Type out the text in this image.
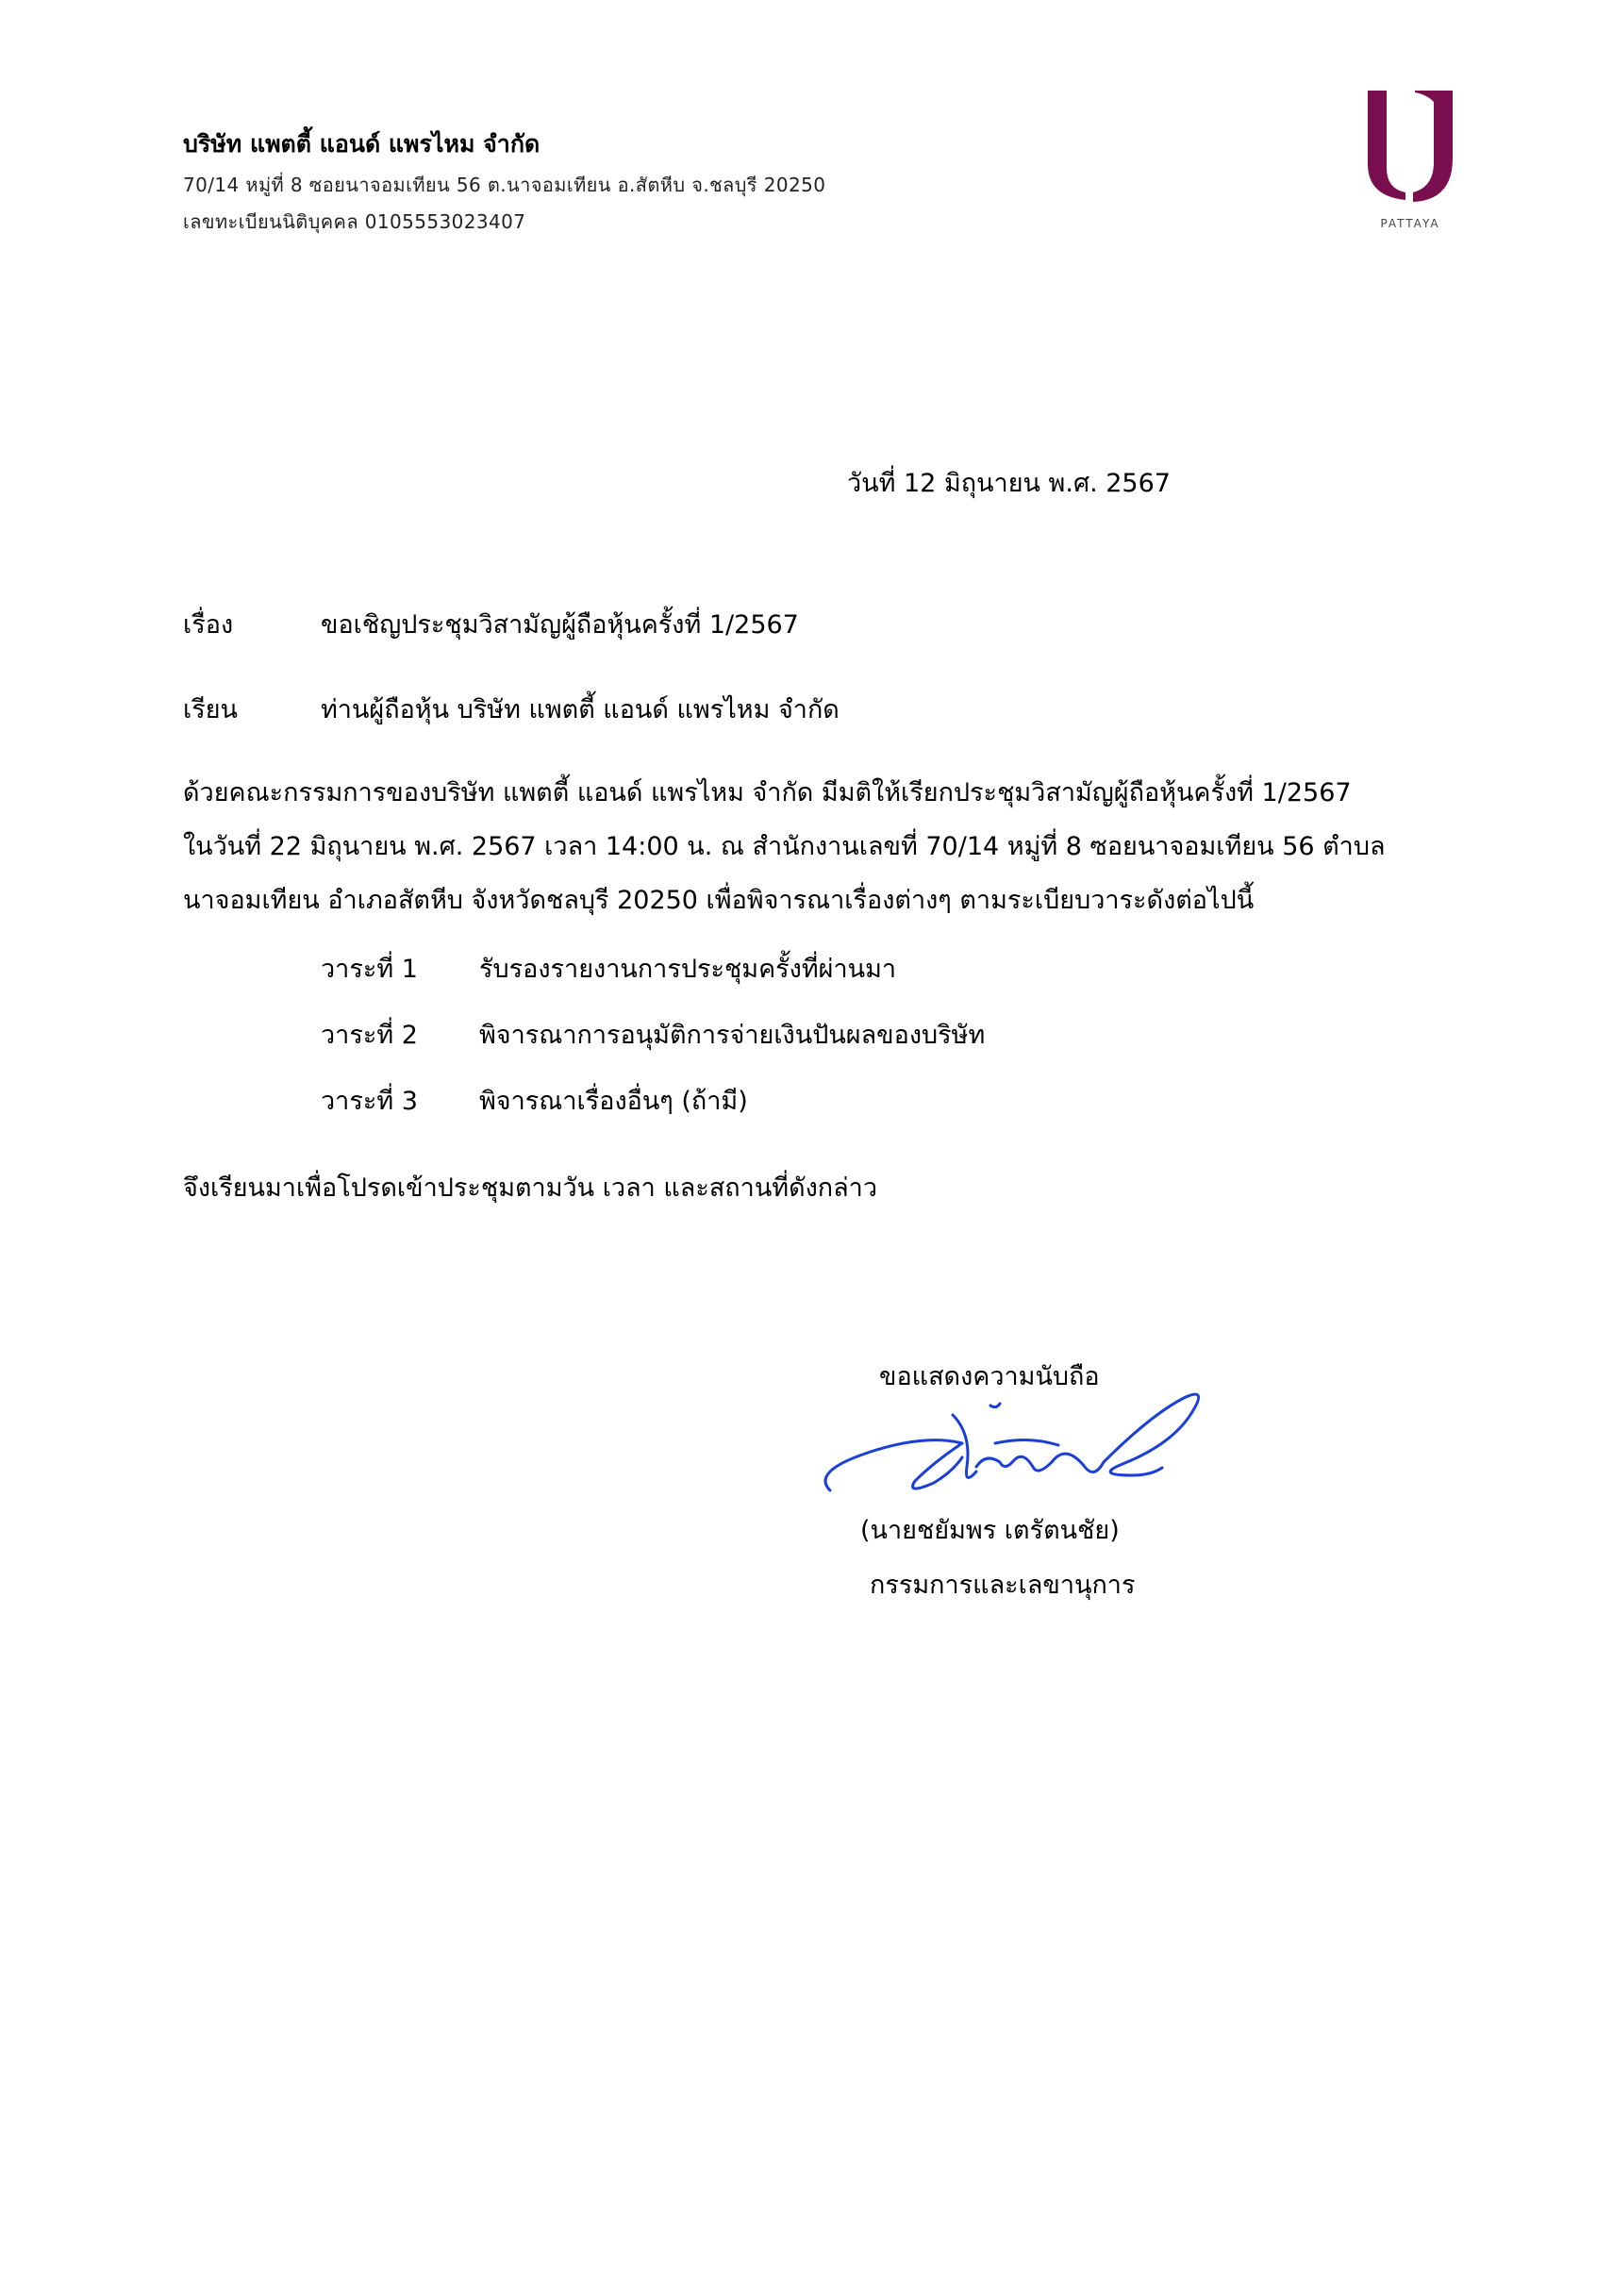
บริษัท แพตตี้ แอนด์ แพรไหม จำกัด
70/14 หมู่ที่ 8 ซอยนาจอมเทียน 56 ต.นาจอมเทียน อ.สัตหีบ จ.ชลบุรี 20250
เลขทะเบียนนิติบุคคล 0105553023407	PATTAYA
วันที่ 12 มิถุนายน พ.ศ. 2567
เรื่อง	ขอเชิญประชุมวิสามัญผู้ถือหุ้นครั้งที่ 1/2567
เรียน	ท่านผู้ถือหุ้น บริษัท แพตตี้ แอนด์ แพรไหม จำกัด
ด้วยคณะกรรมการของบริษัท แพตตี้ แอนด์ แพรไหม จำกัด มีมติให้เรียกประชุมวิสามัญผู้ถือหุ้นครั้งที่ 1/2567
ในวันที่ 22 มิถุนายน พ.ศ. 2567 เวลา 14:00 น. ณ สำนักงานเลขที่ 70/14 หมู่ที่ 8 ซอยนาจอมเทียน 56 ตำบล
นาจอมเทียน อำเภอสัตหีบ จังหวัดชลบุรี 20250 เพื่อพิจารณาเรื่องต่างๆ ตามระเบียบวาระดังต่อไปนี้
วาระที่ 1 รับรองรายงานการประชุมครั้งที่ผ่านมา
วาระที่ 2 พิจารณาการอนุมัติการจ่ายเงินปันผลของบริษัท
วาระที่ 3 พิจารณาเรื่องอื่นๆ (ถ้ามี)
จึงเรียนมาเพื่อโปรดเข้าประชุมตามวัน เวลา และสถานที่ดังกล่าว
ขอแสดงความนับถือ
(นายชยัมพร เตรัตนชัย)
กรรมการและเลขานุการ
